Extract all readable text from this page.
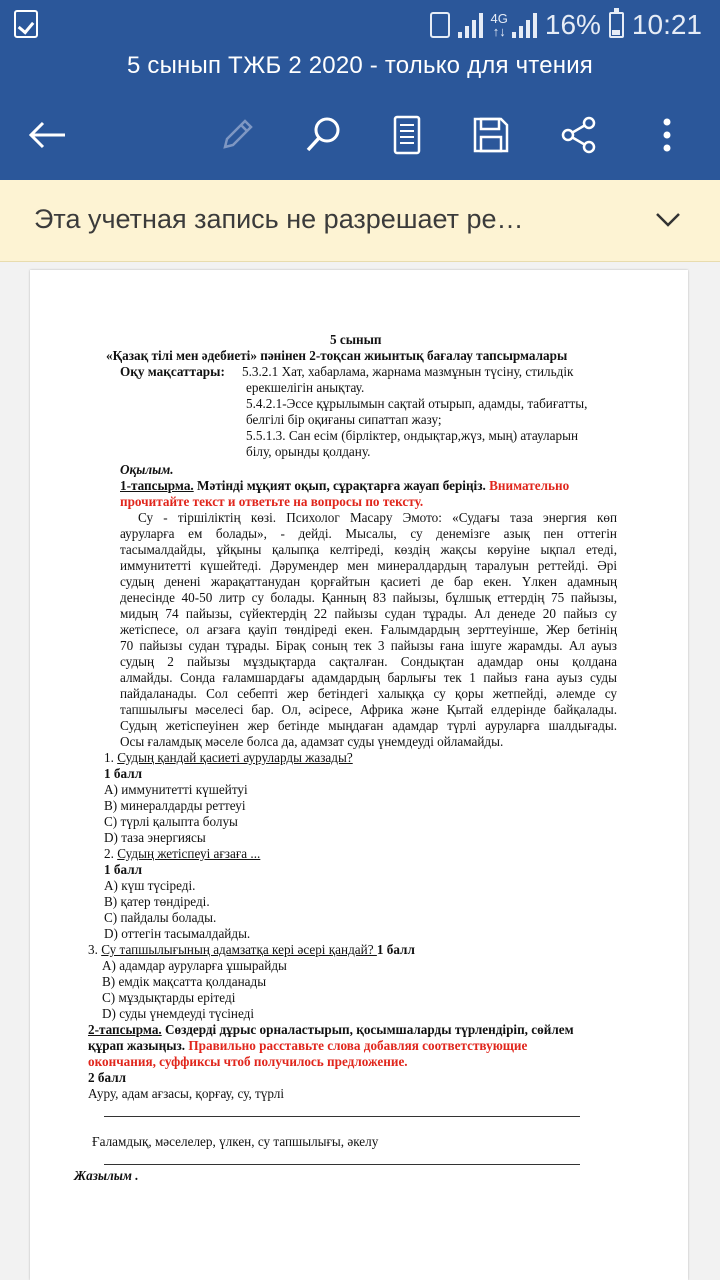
4G
↑↓ 16% 10:21
5 сынып ТЖБ 2 2020 - только для чтения
Эта учетная запись не разрешает ре…
5 сынып
«Қазақ тілі мен әдебиеті» пәнінен 2-тоқсан жиынтық бағалау тапсырмалары
Оқу мақсаттары: 5.3.2.1 Хат, хабарлама, жарнама мазмұнын түсіну, стильдік
ерекшелігін анықтау.
5.4.2.1-Эссе құрылымын сақтай отырып, адамды, табиғатты,
белгілі бір оқиғаны сипаттап жазу;
5.5.1.3. Сан есім (бірліктер, ондықтар,жүз, мың) атауларын
білу, орынды қолдану.
Оқылым.
1-тапсырма. Мәтінді мұқият оқып, сұрақтарға жауап беріңіз. Внимательно
прочитайте текст и ответьте на вопросы по тексту.
Су - тіршіліктің көзі. Психолог Масару Эмото: «Судағы таза энергия көп
ауруларға ем болады», - дейді. Мысалы, су денемізге азық пен оттегін
тасымалдайды, ұйқыны қалыпқа келтіреді, көздің жақсы көруіне ықпал етеді,
иммунитетті күшейтеді. Дәрумендер мен минералдардың таралуын реттейді. Әрі
судың денені жарақаттанудан қорғайтын қасиеті де бар екен. Үлкен адамның
денесінде 40-50 литр су болады. Қанның 83 пайызы, бұлшық еттердің 75 пайызы,
мидың 74 пайызы, сүйектердің 22 пайызы судан тұрады. Ал денеде 20 пайыз су
жетіспесе, ол ағзаға қауіп төндіреді екен. Ғалымдардың зерттеуінше, Жер бетінің
70 пайызы судан тұрады. Бірақ соның тек 3 пайызы ғана ішуге жарамды. Ал ауыз
судың 2 пайызы мұздықтарда сақталған. Сондықтан адамдар оны қолдана
алмайды. Сонда ғаламшардағы адамдардың барлығы тек 1 пайыз ғана ауыз суды
пайдаланады. Сол себепті жер бетіндегі халыққа су қоры жетпейді, әлемде су
тапшылығы мәселесі бар. Ол, әсіресе, Африка және Қытай елдерінде байқалады.
Судың жетіспеуінен жер бетінде мыңдаған адамдар түрлі ауруларға шалдығады.
Осы ғаламдық мәселе болса да, адамзат суды үнемдеуді ойламайды.
1. Судың қандай қасиеті ауруларды жазады?
1 балл
A) иммунитетті күшейтуі
B) минералдарды реттеуі
C) түрлі қалыпта болуы
D) таза энергиясы
2. Судың жетіспеуі ағзаға ...
1 балл
A) күш түсіреді.
B) қатер төндіреді.
C) пайдалы болады.
D) оттегін тасымалдайды.
3. Су тапшылығының адамзатқа кері әсері қандай? 1 балл
A) адамдар ауруларға ұшырайды
B) емдік мақсатта қолданады
C) мұздықтарды ерітеді
D) суды үнемдеуді түсінеді
2-тапсырма. Сөздерді дұрыс орналастырып, қосымшаларды түрлендіріп, сөйлем
құрап жазыңыз. Правильно расставьте слова добавляя соответствующие
окончания, суффиксы чтоб получилось предложение.
2 балл
Ауру, адам ағзасы, қорғау, су, түрлі
Ғаламдық, мәселелер, үлкен, су тапшылығы, әкелу
Жазылым .
